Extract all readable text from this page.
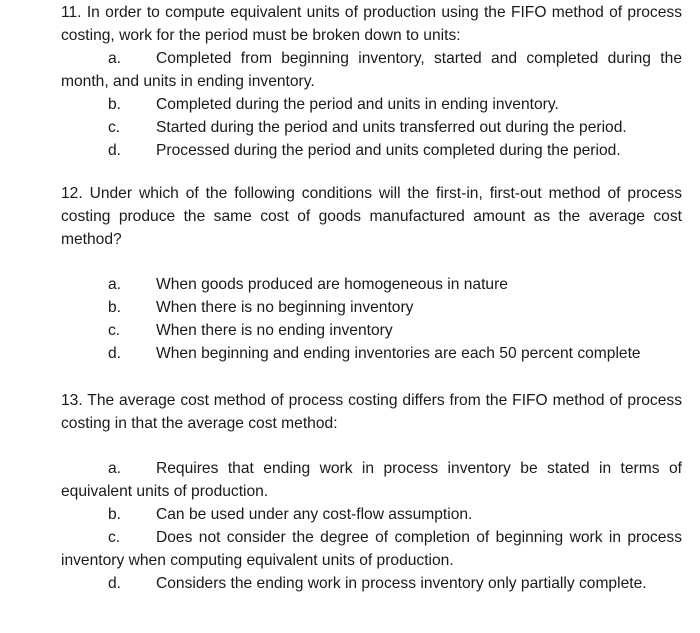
11. In order to compute equivalent units of production using the FIFO method of process costing, work for the period must be broken down to units:

a. Completed from beginning inventory, started and completed during the month, and units in ending inventory.

b.	Completed during the period and units in ending inventory.

c.	Started during the period and units transferred out during the period.

d.	Processed during the period and units completed during the period.

12. Under which of the following conditions will the first-in, first-out method of process costing produce the same cost of goods manufactured amount as the average cost method?

a.	When goods produced are homogeneous in nature

b.	When there is no beginning inventory

c.	When there is no ending inventory

d.	When beginning and ending inventories are each 50 percent complete

13. The average cost method of process costing differs from the FIFO method of process costing in that the average cost method:

a. Requires that ending work in process inventory be stated in terms of equivalent units of production.

b.	Can be used under any cost-flow assumption.

c. Does not consider the degree of completion of beginning work in process inventory when computing equivalent units of production.

d. Considers the ending work in process inventory only partially complete.
